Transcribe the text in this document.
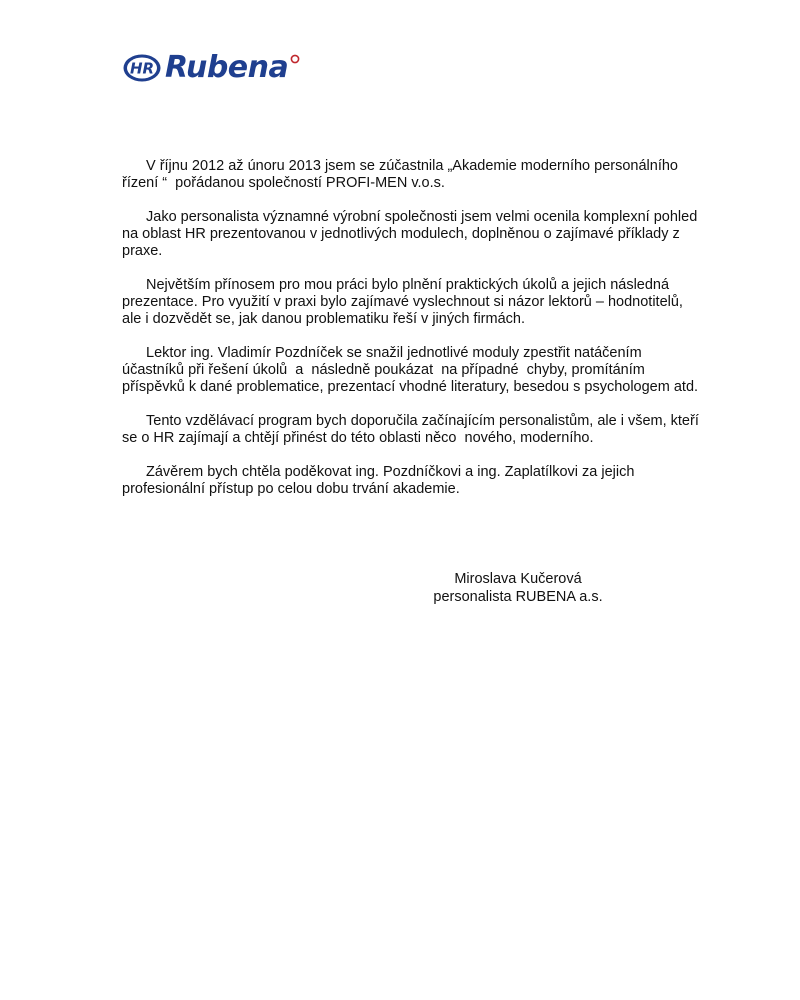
HR Rubena

V říjnu 2012 až únoru 2013 jsem se zúčastnila „Akademie moderního personálního řízení “  pořádanou společností PROFI-MEN v.o.s.

Jako personalista významné výrobní společnosti jsem velmi ocenila komplexní pohled na oblast HR prezentovanou v jednotlivých modulech, doplněnou o zajímavé příklady z praxe.

Největším přínosem pro mou práci bylo plnění praktických úkolů a jejich následná prezentace. Pro využití v praxi bylo zajímavé vyslechnout si názor lektorů – hodnotitelů, ale i dozvědět se, jak danou problematiku řeší v jiných firmách.

Lektor ing. Vladimír Pozdníček se snažil jednotlivé moduly zpestřit natáčením účastníků při řešení úkolů  a  následně poukázat  na případné  chyby, promítáním příspěvků k dané problematice, prezentací vhodné literatury, besedou s psychologem atd.

Tento vzdělávací program bych doporučila začínajícím personalistům, ale i všem, kteří se o HR zajímají a chtějí přinést do této oblasti něco  nového, moderního.

Závěrem bych chtěla poděkovat ing. Pozdníčkovi a ing. Zaplatílkovi za jejich profesionální přístup po celou dobu trvání akademie.

Miroslava Kučerová
personalista RUBENA a.s.
